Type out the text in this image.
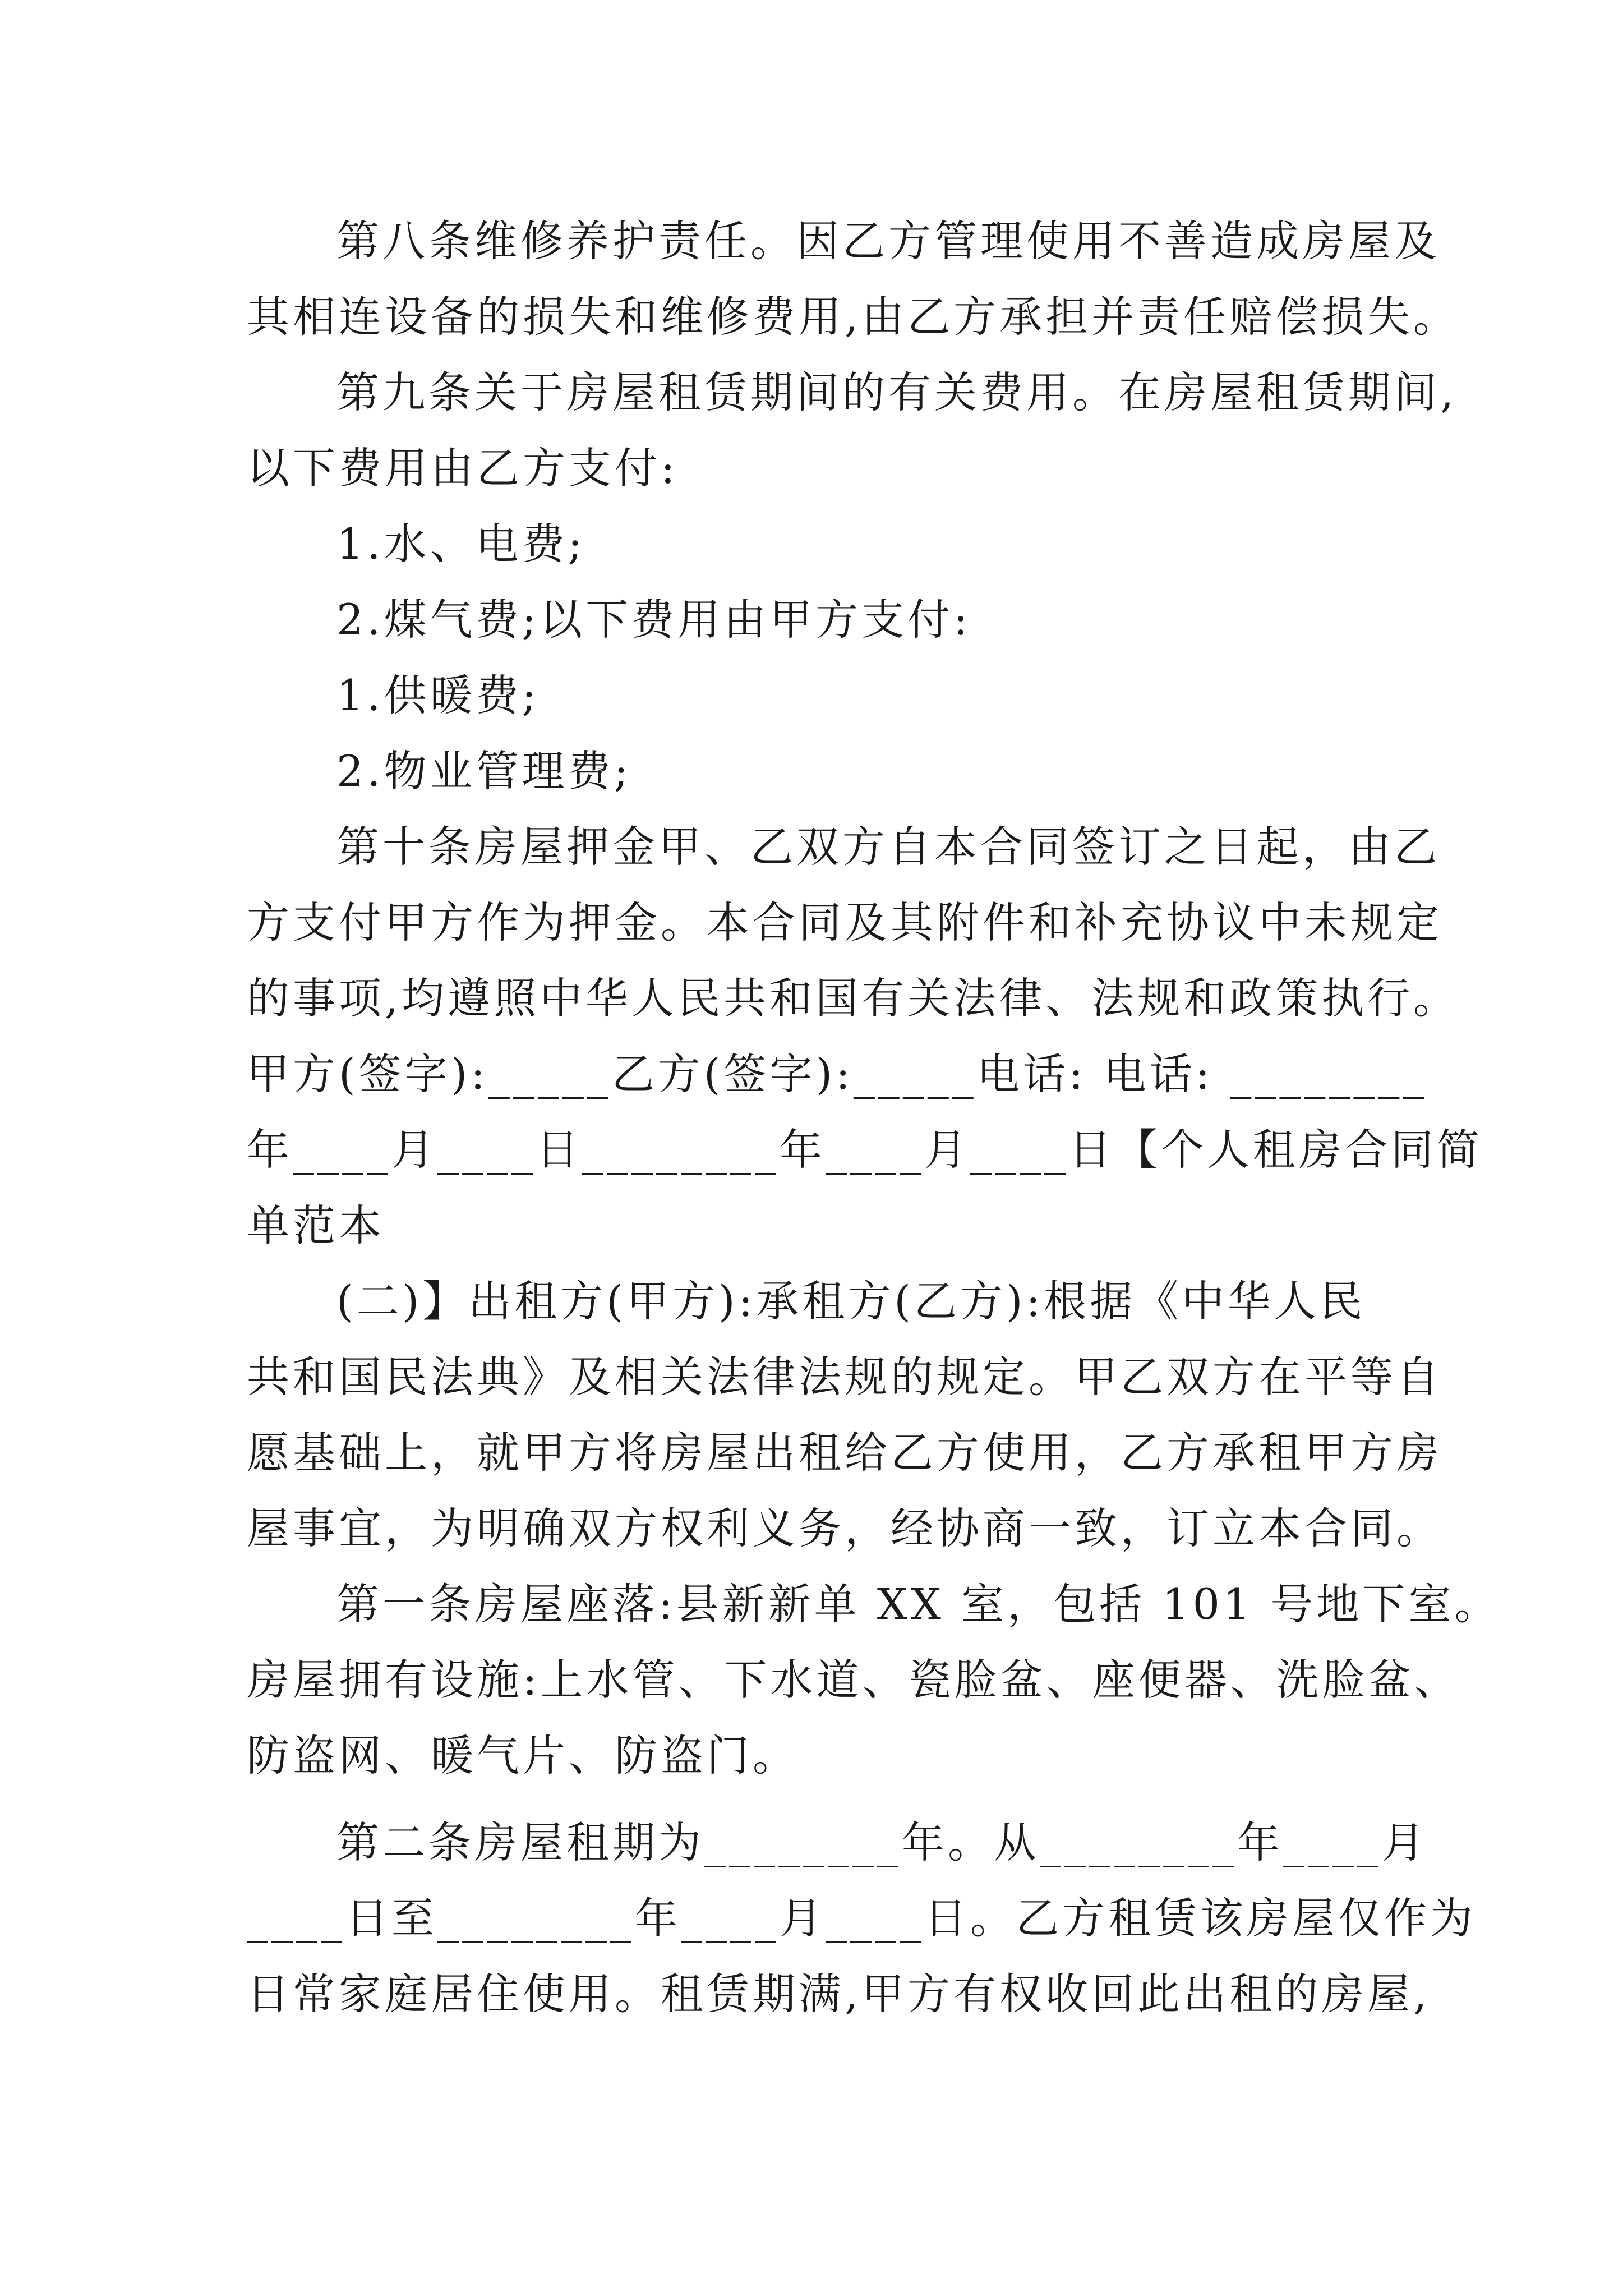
第八条维修养护责任。因乙方管理使用不善造成房屋及
其相连设备的损失和维修费用,由乙方承担并责任赔偿损失。
第九条关于房屋租赁期间的有关费用。在房屋租赁期间,
以下费用由乙方支付:
1.水、电费;
2.煤气费;以下费用由甲方支付:
1.供暖费;
2.物业管理费;
第十条房屋押金甲、乙双方自本合同签订之日起，由乙
方支付甲方作为押金。本合同及其附件和补充协议中未规定
的事项,均遵照中华人民共和国有关法律、法规和政策执行。
甲方(签字):_____乙方(签字):_____电话: 电话: ________
年____月____日________年____月____日【个人租房合同简
单范本
(二)】出租方(甲方):承租方(乙方):根据《中华人民
共和国民法典》及相关法律法规的规定。甲乙双方在平等自
愿基础上，就甲方将房屋出租给乙方使用，乙方承租甲方房
屋事宜，为明确双方权利义务，经协商一致，订立本合同。
第一条房屋座落:县新新单 XX 室，包括 101 号地下室。
房屋拥有设施:上水管、下水道、瓷脸盆、座便器、洗脸盆、
防盗网、暖气片、防盗门。
第二条房屋租期为________年。从________年____月
____日至________年____月____日。乙方租赁该房屋仅作为
日常家庭居住使用。租赁期满,甲方有权收回此出租的房屋,
